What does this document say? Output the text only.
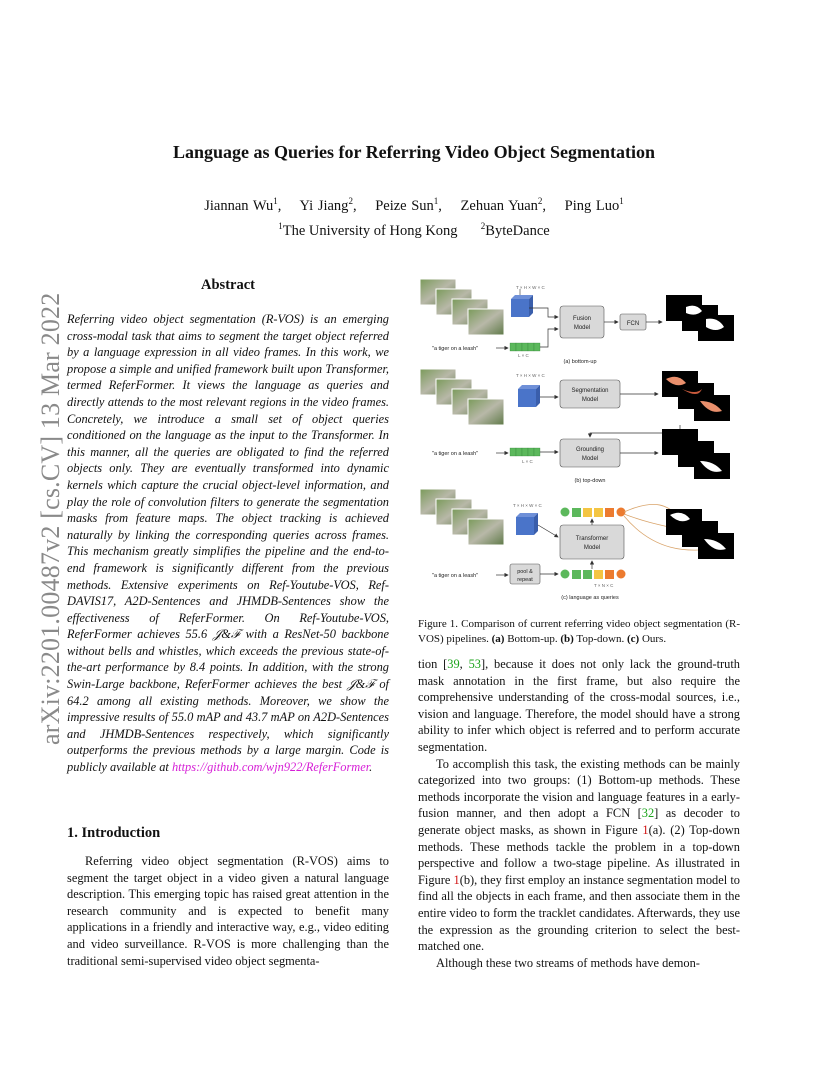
Language as Queries for Referring Video Object Segmentation
Jiannan Wu$^1$, Yi Jiang$^2$, Peize Sun$^1$, Zehuan Yuan$^2$, Ping Luo$^1$
$^1$The University of Hong Kong	$^2$ByteDance
arXiv:2201.00487v2 [cs.CV] 13 Mar 2022
Abstract
Referring video object segmentation (R-VOS) is an emerging cross-modal task that aims to segment the target object referred by a language expression in all video frames. In this work, we propose a simple and unified framework built upon Transformer, termed ReferFormer. It views the language as queries and directly attends to the most relevant regions in the video frames. Concretely, we introduce a small set of object queries conditioned on the language as the input to the Transformer. In this manner, all the queries are obligated to find the referred objects only. They are eventually transformed into dynamic kernels which capture the crucial object-level information, and play the role of convolution filters to generate the segmentation masks from feature maps. The object tracking is achieved naturally by linking the corresponding queries across frames. This mechanism greatly simplifies the pipeline and the end-to-end framework is significantly different from the previous methods. Extensive experiments on Ref-Youtube-VOS, Ref-DAVIS17, A2D-Sentences and JHMDB-Sentences show the effectiveness of ReferFormer. On Ref-Youtube-VOS, ReferFormer achieves 55.6 𝒥&ℱ with a ResNet-50 backbone without bells and whistles, which exceeds the previous state-of-the-art performance by 8.4 points. In addition, with the strong Swin-Large backbone, ReferFormer achieves the best 𝒥&ℱ of 64.2 among all existing methods. Moreover, we show the impressive results of 55.0 mAP and 43.7 mAP on A2D-Sentences and JHMDB-Sentences respectively, which significantly outperforms the previous methods by a large margin. Code is publicly available at https://github.com/wjn922/ReferFormer.
1. Introduction
Referring video object segmentation (R-VOS) aims to segment the target object in a video given a natural language description. This emerging topic has raised great attention in the research community and is expected to benefit many applications in a friendly and interactive way, e.g., video editing and video surveillance. R-VOS is more challenging than the traditional semi-supervised video object segmenta-
T × H × W × C
Fusion
Model
FCN
"a tiger on a leash"
L × C
(a) bottom-up
T × H × W × C
Segmentation
Model
"a tiger on a leash"
L × C
Grounding
Model
(b) top-down
T × H × W × C
Transformer
Model
"a tiger on a leash"
pool &
repeat
T × N × C
(c) language as queries
Figure 1. Comparison of current referring video object segmentation (R-VOS) pipelines. (a) Bottom-up. (b) Top-down. (c) Ours.

tion [39, 53], because it does not only lack the ground-truth mask annotation in the first frame, but also require the comprehensive understanding of the cross-modal sources, i.e., vision and language. Therefore, the model should have a strong ability to infer which object is referred and to perform accurate segmentation.

To accomplish this task, the existing methods can be mainly categorized into two groups: (1) Bottom-up methods. These methods incorporate the vision and language features in a early-fusion manner, and then adopt a FCN [32] as decoder to generate object masks, as shown in Figure 1(a). (2) Top-down methods. These methods tackle the problem in a top-down perspective and follow a two-stage pipeline. As illustrated in Figure 1(b), they first employ an instance segmentation model to find all the objects in each frame, and then associate them in the entire video to form the tracklet candidates. Afterwards, they use the expression as the grounding criterion to select the best-matched one.

Although these two streams of methods have demon-
